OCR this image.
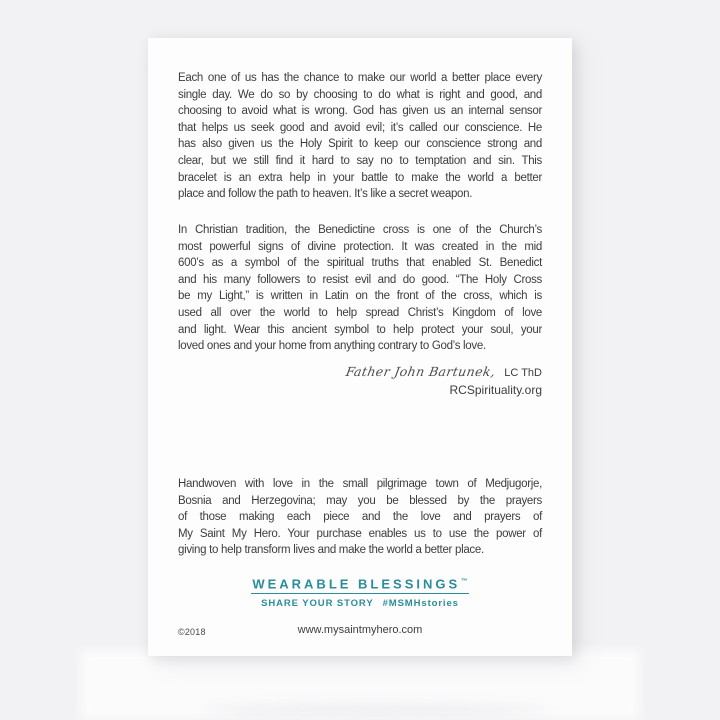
Each one of us has the chance to make our world a better place every
single day. We do so by choosing to do what is right and good, and
choosing to avoid what is wrong. God has given us an internal sensor
that helps us seek good and avoid evil; it’s called our conscience. He
has also given us the Holy Spirit to keep our conscience strong and
clear, but we still find it hard to say no to temptation and sin. This
bracelet is an extra help in your battle to make the world a better
place and follow the path to heaven. It’s like a secret weapon.
In Christian tradition, the Benedictine cross is one of the Church’s
most powerful signs of divine protection. It was created in the mid
600’s as a symbol of the spiritual truths that enabled St. Benedict
and his many followers to resist evil and do good. “The Holy Cross
be my Light,” is written in Latin on the front of the cross, which is
used all over the world to help spread Christ’s Kingdom of love
and light. Wear this ancient symbol to help protect your soul, your
loved ones and your home from anything contrary to God’s love.
Father John Bartunek, LC ThD
RCSpirituality.org
Handwoven with love in the small pilgrimage town of Medjugorje,
Bosnia and Herzegovina; may you be blessed by the prayers
of those making each piece and the love and prayers of
My Saint My Hero. Your purchase enables us to use the power of
giving to help transform lives and make the world a better place.
WEARABLE BLESSINGS™
SHARE YOUR STORY #MSMHstories
©2018	www.mysaintmyhero.com
